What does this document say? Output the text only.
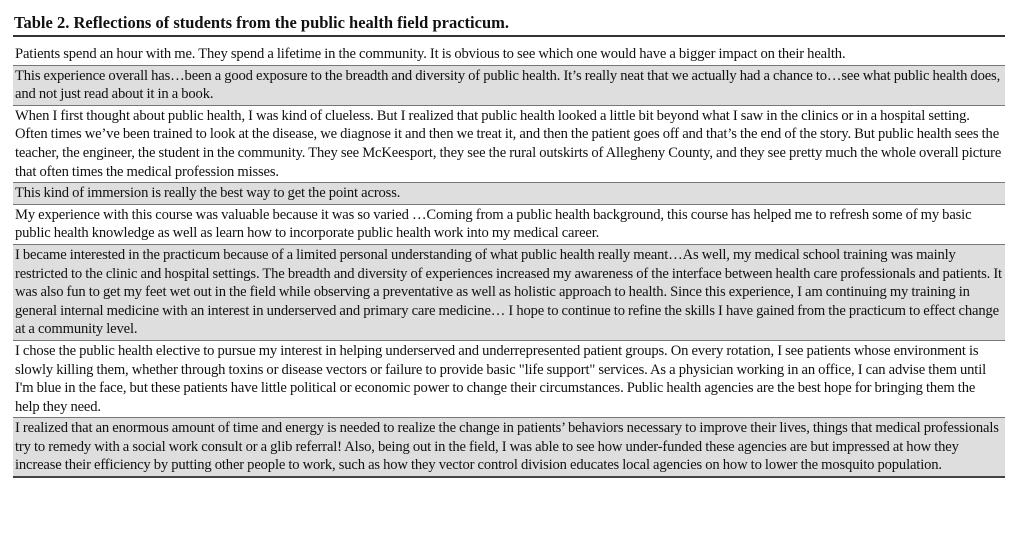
Table 2. Reflections of students from the public health field practicum.
Patients spend an hour with me. They spend a lifetime in the community. It is obvious to see which one would have a bigger impact on their health.
This experience overall has…been a good exposure to the breadth and diversity of public health. It’s really neat that we actually had a chance to…see what public health does, and not just read about it in a book.
When I first thought about public health, I was kind of clueless. But I realized that public health looked a little bit beyond what I saw in the clinics or in a hospital setting. Often times we’ve been trained to look at the disease, we diagnose it and then we treat it, and then the patient goes off and that’s the end of the story. But public health sees the teacher, the engineer, the student in the community. They see McKeesport, they see the rural outskirts of Allegheny County, and they see pretty much the whole overall picture that often times the medical profession misses.
This kind of immersion is really the best way to get the point across.
My experience with this course was valuable because it was so varied …Coming from a public health background, this course has helped me to refresh some of my basic public health knowledge as well as learn how to incorporate public health work into my medical career.
I became interested in the practicum because of a limited personal understanding of what public health really meant…As well, my medical school training was mainly restricted to the clinic and hospital settings. The breadth and diversity of experiences increased my awareness of the interface between health care professionals and patients. It was also fun to get my feet wet out in the field while observing a preventative as well as holistic approach to health. Since this experience, I am continuing my training in general internal medicine with an interest in underserved and primary care medicine… I hope to continue to refine the skills I have gained from the practicum to effect change at a community level.
I chose the public health elective to pursue my interest in helping underserved and underrepresented patient groups. On every rotation, I see patients whose environment is slowly killing them, whether through toxins or disease vectors or failure to provide basic "life support" services. As a physician working in an office, I can advise them until I'm blue in the face, but these patients have little political or economic power to change their circumstances. Public health agencies are the best hope for bringing them the help they need.
I realized that an enormous amount of time and energy is needed to realize the change in patients’ behaviors necessary to improve their lives, things that medical professionals try to remedy with a social work consult or a glib referral! Also, being out in the field, I was able to see how under-funded these agencies are but impressed at how they increase their efficiency by putting other people to work, such as how they vector control division educates local agencies on how to lower the mosquito population.
